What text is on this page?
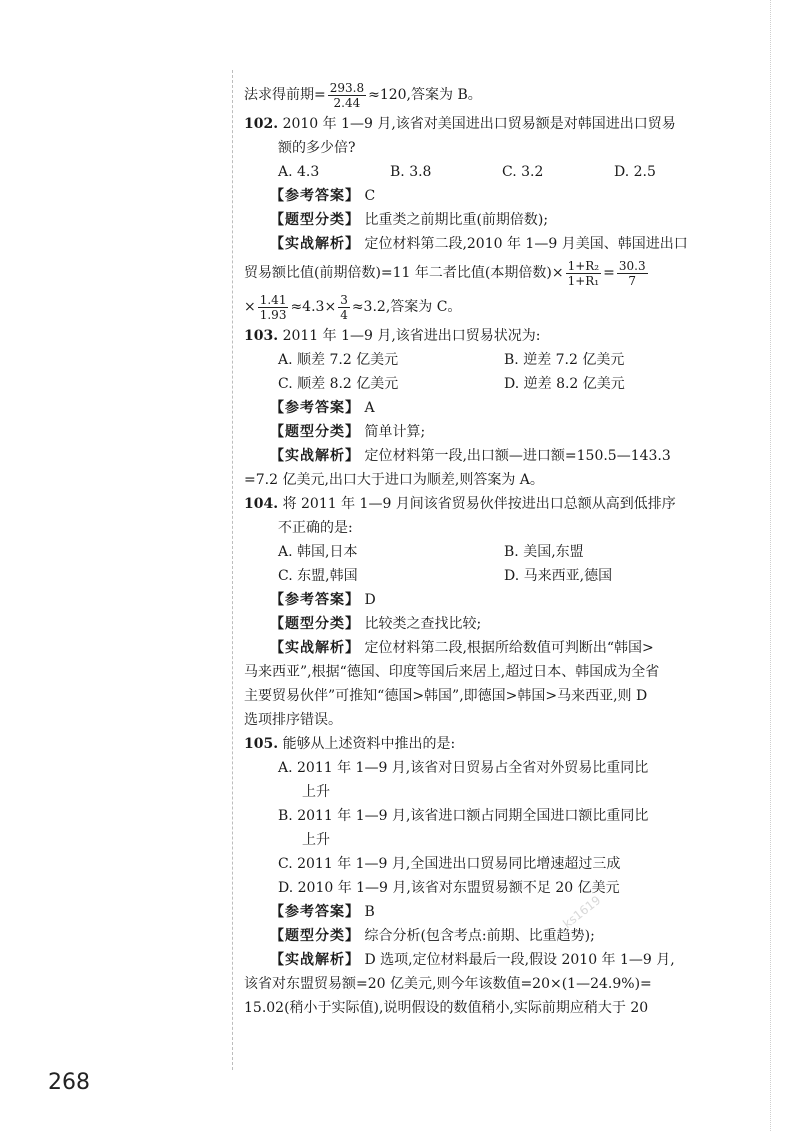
法求得前期= $\frac{293.8}{2.44} \approx 120$,答案为 B。
102. 2010 年 1—9 月,该省对美国进出口贸易额是对韩国进出口贸易
额的多少倍?
A. 4.3	B. 3.8	C. 3.2	D. 2.5
【参考答案】 C
【题型分类】 比重类之前期比重(前期倍数);
【实战解析】 定位材料第二段,2010 年 1—9 月美国、韩国进出口
贸易额比值(前期倍数)=11 年二者比值(本期倍数)× $\frac{\text{1+R₂}}{\text{1+R₁}} = \frac{30.3}{7}$
× $\frac{1.41}{1.93} \approx 4.3\times \frac{3}{4} \approx 3.2$,答案为 C。
103. 2011 年 1—9 月,该省进出口贸易状况为:
A. 顺差 7.2 亿美元	B. 逆差 7.2 亿美元
C. 顺差 8.2 亿美元	D. 逆差 8.2 亿美元
【参考答案】 A
【题型分类】 简单计算;
【实战解析】 定位材料第一段,出口额—进口额=150.5—143.3
=7.2 亿美元,出口大于进口为顺差,则答案为 A。
104. 将 2011 年 1—9 月间该省贸易伙伴按进出口总额从高到低排序
不正确的是:
A. 韩国,日本	B. 美国,东盟
C. 东盟,韩国	D. 马来西亚,德国
【参考答案】 D
【题型分类】 比较类之查找比较;
【实战解析】 定位材料第二段,根据所给数值可判断出“韩国>
马来西亚”,根据“德国、印度等国后来居上,超过日本、韩国成为全省
主要贸易伙伴”可推知“德国>韩国”,即德国>韩国>马来西亚,则 D
选项排序错误。
105. 能够从上述资料中推出的是:
A. 2011 年 1—9 月,该省对日贸易占全省对外贸易比重同比
上升
B. 2011 年 1—9 月,该省进口额占同期全国进口额比重同比
上升
C. 2011 年 1—9 月,全国进出口贸易同比增速超过三成
D. 2010 年 1—9 月,该省对东盟贸易额不足 20 亿美元
【参考答案】 B
【题型分类】 综合分析(包含考点:前期、比重趋势);
【实战解析】 D 选项,定位材料最后一段,假设 2010 年 1—9 月,
该省对东盟贸易额=20 亿美元,则今年该数值=20×(1—24.9%)=
15.02(稍小于实际值),说明假设的数值稍小,实际前期应稍大于 20
ks1619
268
